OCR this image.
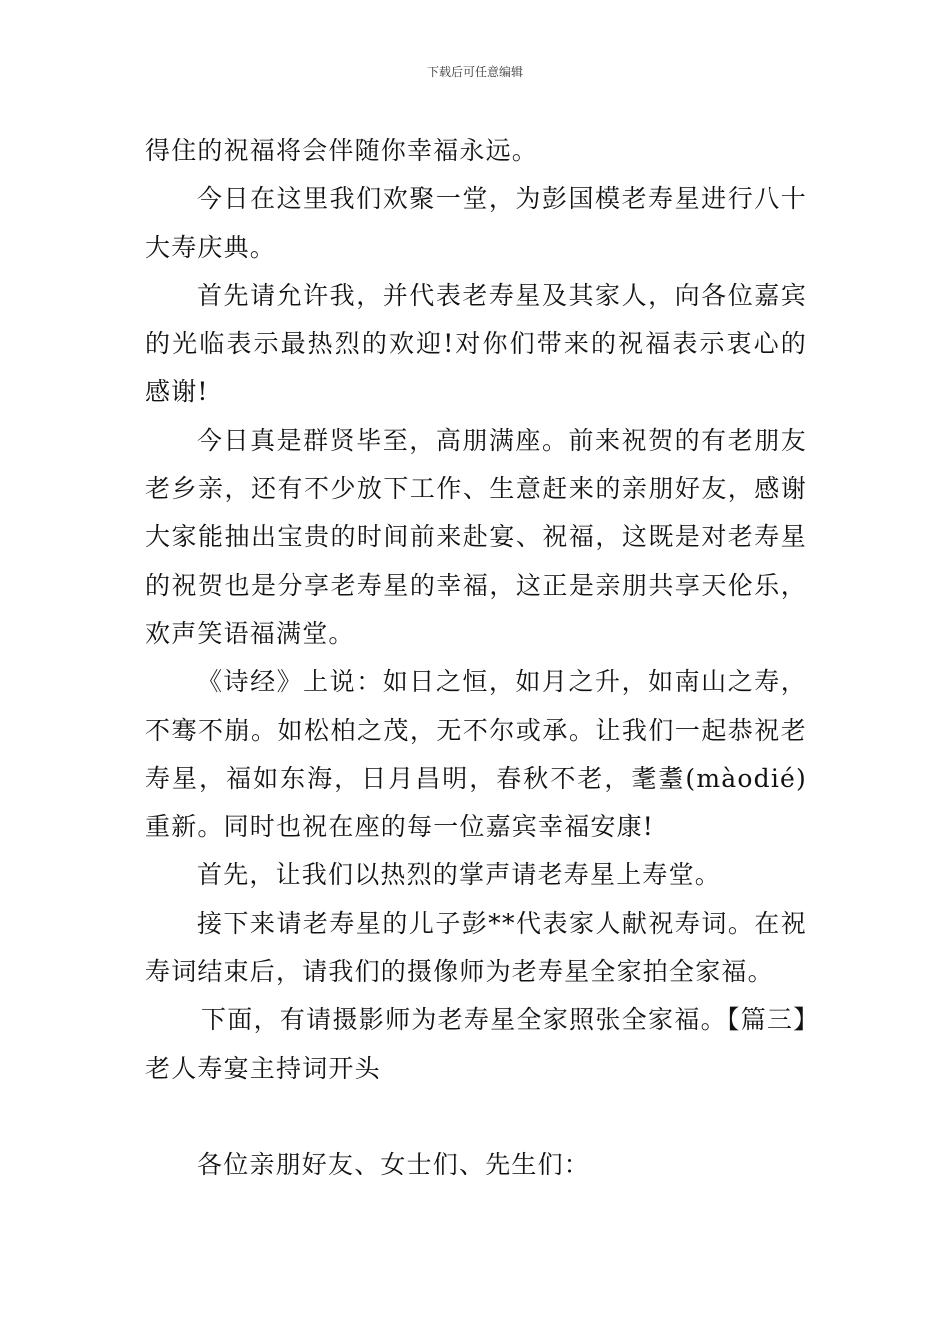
下载后可任意编辑

得住的祝福将会伴随你幸福永远。

今日在这里我们欢聚一堂，为彭国模老寿星进行八十大寿庆典。

首先请允许我，并代表老寿星及其家人，向各位嘉宾的光临表示最热烈的欢迎!对你们带来的祝福表示衷心的感谢!

今日真是群贤毕至，高朋满座。前来祝贺的有老朋友老乡亲，还有不少放下工作、生意赶来的亲朋好友，感谢大家能抽出宝贵的时间前来赴宴、祝福，这既是对老寿星的祝贺也是分享老寿星的幸福，这正是亲朋共享天伦乐，欢声笑语福满堂。

《诗经》上说：如日之恒，如月之升，如南山之寿，不骞不崩。如松柏之茂，无不尔或承。让我们一起恭祝老寿星，福如东海，日月昌明，春秋不老，耄耋(màodié)重新。同时也祝在座的每一位嘉宾幸福安康!

首先，让我们以热烈的掌声请老寿星上寿堂。

接下来请老寿星的儿子彭**代表家人献祝寿词。在祝寿词结束后，请我们的摄像师为老寿星全家拍全家福。

下面，有请摄影师为老寿星全家照张全家福。【篇三】老人寿宴主持词开头

各位亲朋好友、女士们、先生们：
